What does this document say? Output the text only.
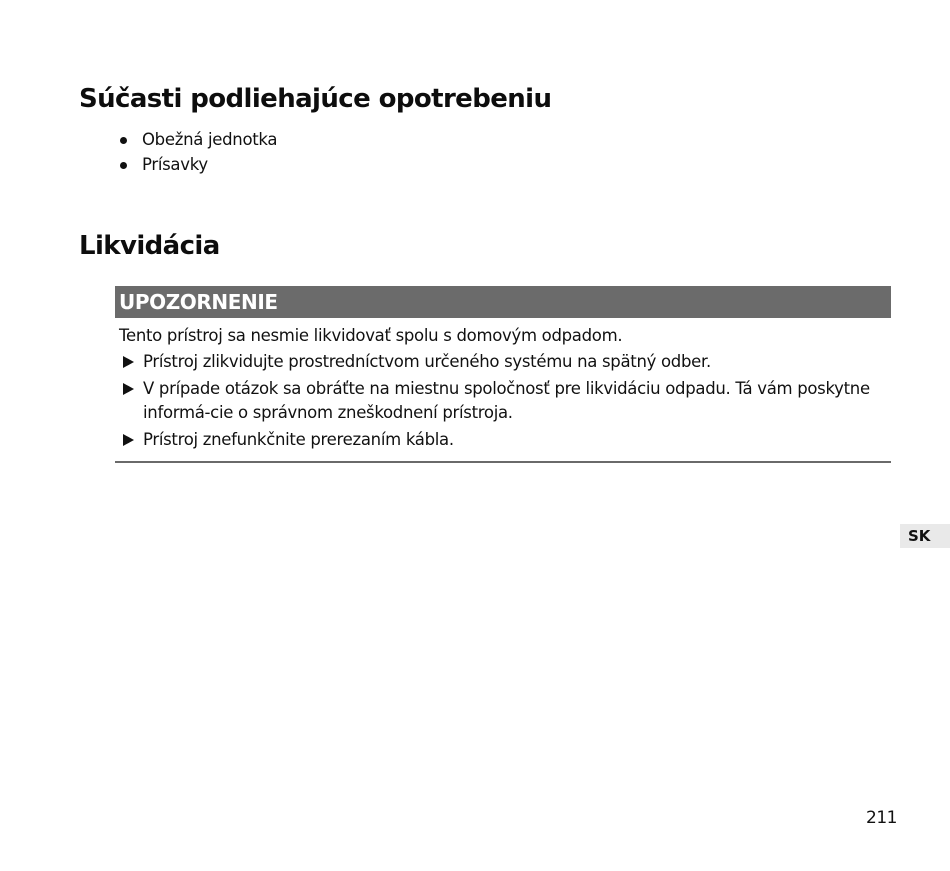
Súčasti podliehajúce opotrebeniu
Obežná jednotka
Prísavky
Likvidácia
UPOZORNENIE

Tento prístroj sa nesmie likvidovať spolu s domovým odpadom.

Prístroj zlikvidujte prostredníctvom určeného systému na spätný odber.
V prípade otázok sa obráťte na miestnu spoločnosť pre likvidáciu odpadu. Tá vám poskytne informá-cie o správnom zneškodnení prístroja.
Prístroj znefunkčnite prerezaním kábla.
SK
211
